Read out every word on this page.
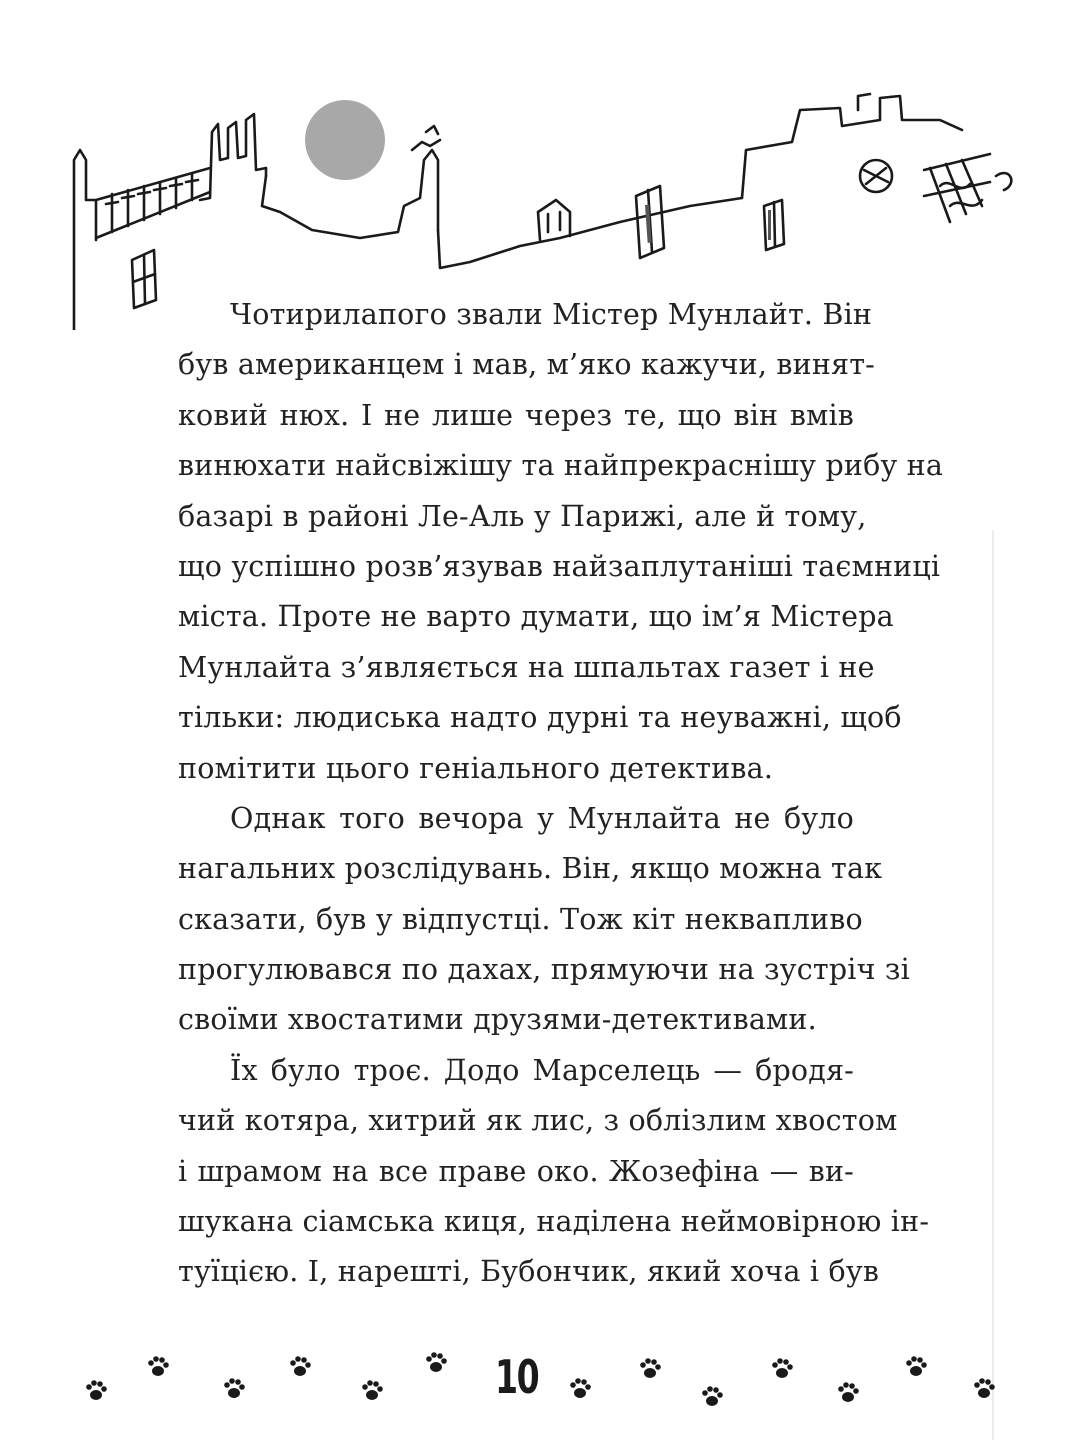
Чотирилапого звали Містер Мунлайт. Він
був американцем і мав, м’яко кажучи, винят-
ковий нюх. І не лише через те, що він вмів
винюхати найсвіжішу та найпрекраснішу рибу на
базарі в районі Ле-Аль у Парижі, але й тому,
що успішно розв’язував найзаплутаніші таємниці
міста. Проте не варто думати, що ім’я Містера
Мунлайта з’являється на шпальтах газет і не
тільки: людиська надто дурні та неуважні, щоб
помітити цього геніального детектива.

Однак того вечора у Мунлайта не було
нагальних розслідувань. Він, якщо можна так
сказати, був у відпустці. Тож кіт неквапливо
прогулювався по дахах, прямуючи на зустріч зі
своїми хвостатими друзями-детективами.

Їх було троє. Додо Марселець — бродя-
чий котяра, хитрий як лис, з облізлим хвостом
і шрамом на все праве око. Жозефіна — ви-
шукана сіамська киця, наділена неймовірною ін-
туїцією. І, нарешті, Бубончик, який хоча і був

10
